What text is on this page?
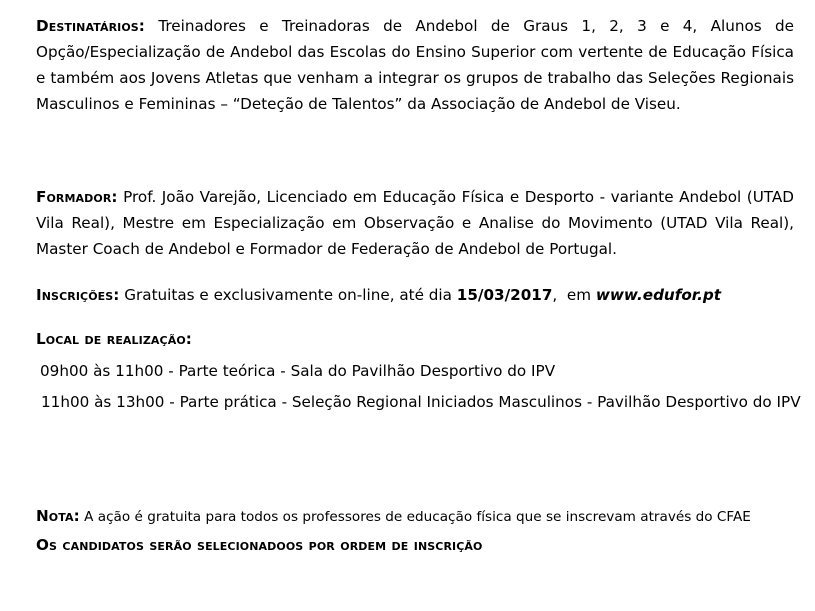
Destinatários: Treinadores e Treinadoras de Andebol de Graus 1, 2, 3 e 4, Alunos de Opção/Especialização de Andebol das Escolas do Ensino Superior com vertente de Educação Física e também aos Jovens Atletas que venham a integrar os grupos de trabalho das Seleções Regionais Masculinos e Femininas – “Deteção de Talentos” da Associação de Andebol de Viseu.

Formador: Prof. João Varejão, Licenciado em Educação Física e Desporto - variante Andebol (UTAD Vila Real), Mestre em Especialização em Observação e Analise do Movimento (UTAD Vila Real), Master Coach de Andebol e Formador de Federação de Andebol de Portugal.

Inscrições: Gratuitas e exclusivamente on-line, até dia 15/03/2017,  em www.edufor.pt

Local de realização:

09h00 às 11h00 - Parte teórica - Sala do Pavilhão Desportivo do IPV

11h00 às 13h00 - Parte prática - Seleção Regional Iniciados Masculinos - Pavilhão Desportivo do IPV

Nota: A ação é gratuita para todos os professores de educação física que se inscrevam através do CFAE

Os candidatos serão selecionadoos por ordem de inscrição
